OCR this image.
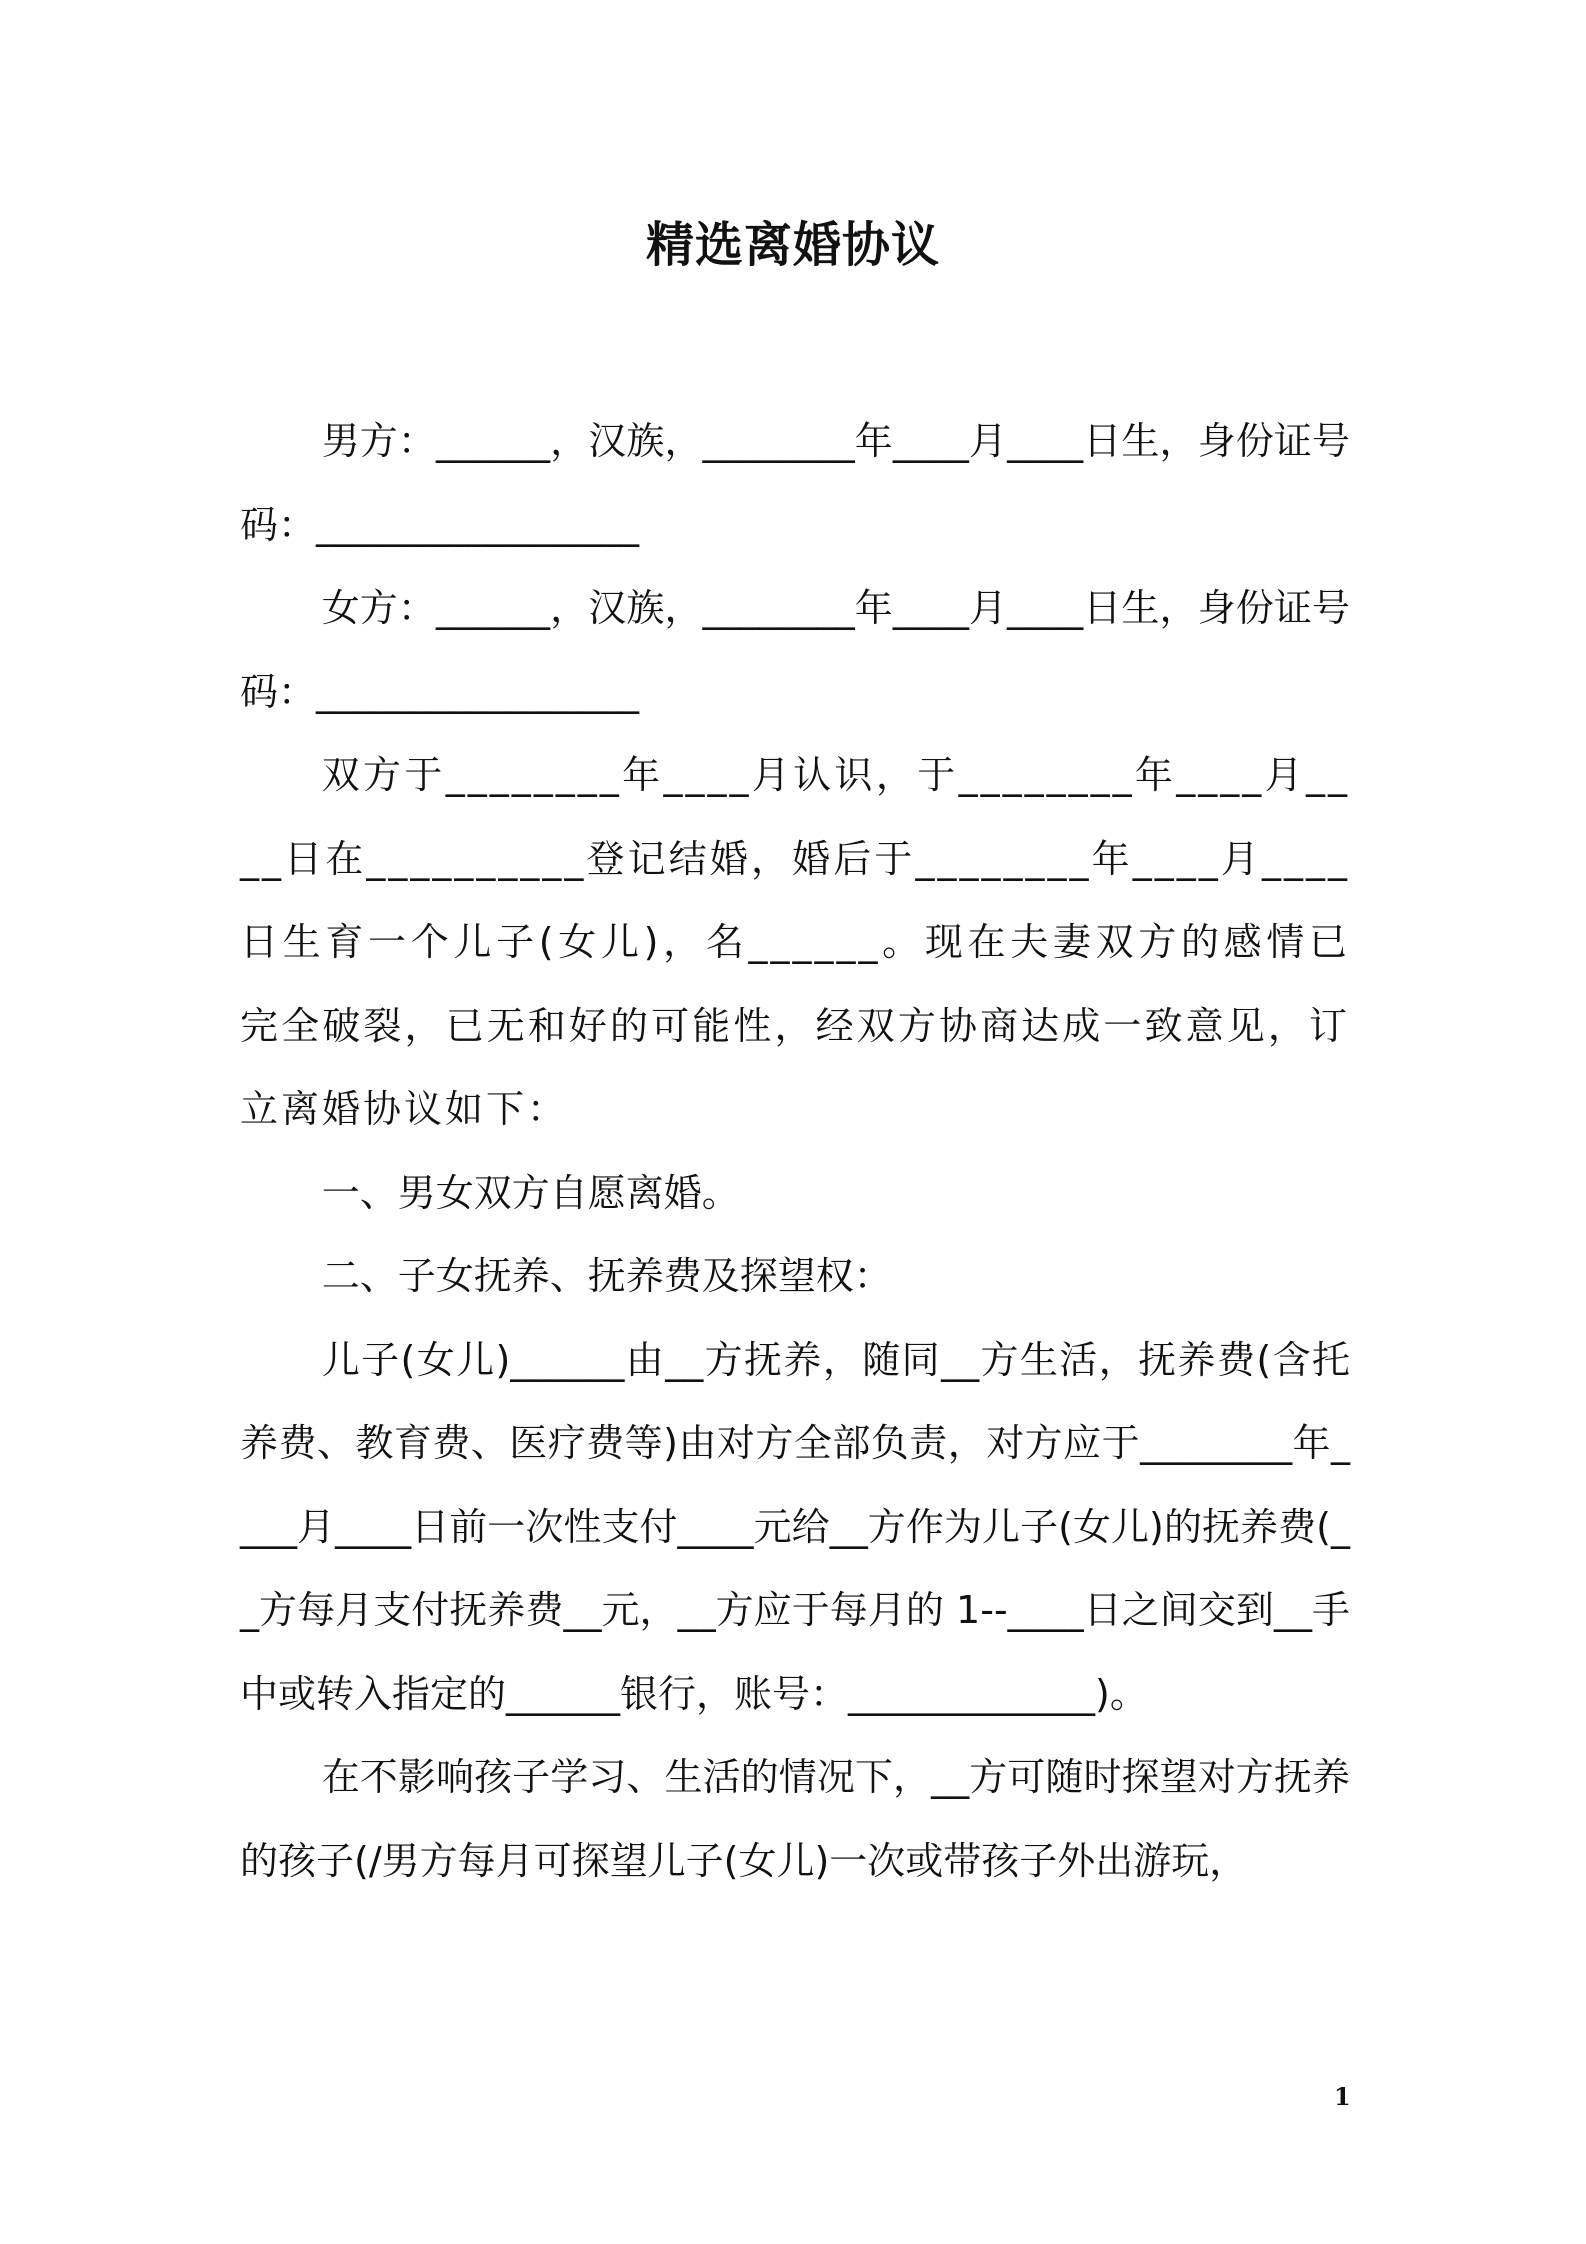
精选离婚协议

男方：______，汉族，________年____月____日生，身份证号码：_________________

女方：______，汉族，________年____月____日生，身份证号码：_________________

双方于________年____月认识，于________年____月____日在__________登记结婚，婚后于________年____月____日生育一个儿子(女儿)，名______。现在夫妻双方的感情已完全破裂，已无和好的可能性，经双方协商达成一致意见，订立离婚协议如下：

一、男女双方自愿离婚。

二、子女抚养、抚养费及探望权：

儿子(女儿)______由__方抚养，随同__方生活，抚养费(含托养费、教育费、医疗费等)由对方全部负责，对方应于________年____月____日前一次性支付____元给__方作为儿子(女儿)的抚养费(__方每月支付抚养费__元，__方应于每月的 1--____日之间交到__手中或转入指定的______银行，账号：_____________)。

在不影响孩子学习、生活的情况下，__方可随时探望对方抚养的孩子(/男方每月可探望儿子(女儿)一次或带孩子外出游玩，

1
